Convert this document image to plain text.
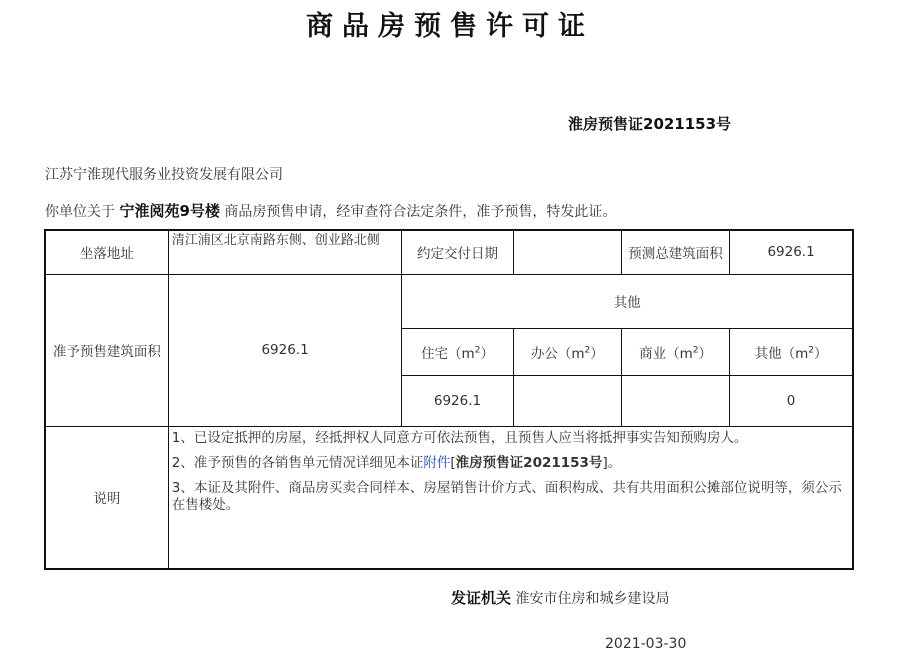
商品房预售许可证
淮房预售证2021153号
江苏宁淮现代服务业投资发展有限公司
你单位关于 宁淮阅苑9号楼 商品房预售申请，经审查符合法定条件，准予预售，特发此证。
坐落地址	清江浦区北京南路东侧、创业路北侧	约定交付日期		预测总建筑面积	6926.1
准予预售建筑面积	6926.1	其他			
		住宅$(m^2)$	办公$(m^2)$	商业$(m^2)$	其他$(m^2)$
		6926.1			0
说明	1、已设定抵押的房屋，经抵押权人同意方可依法预售，且预售人应当将抵押事实告知预购房人。

2、准予预售的各销售单元情况详细见本证附件[淮房预售证2021153号]。

3、本证及其附件、商品房买卖合同样本、房屋销售计价方式、面积构成、共有共用面积公摊部位说明等，须公示在售楼处。				

发证机关 淮安市住房和城乡建设局
2021-03-30
